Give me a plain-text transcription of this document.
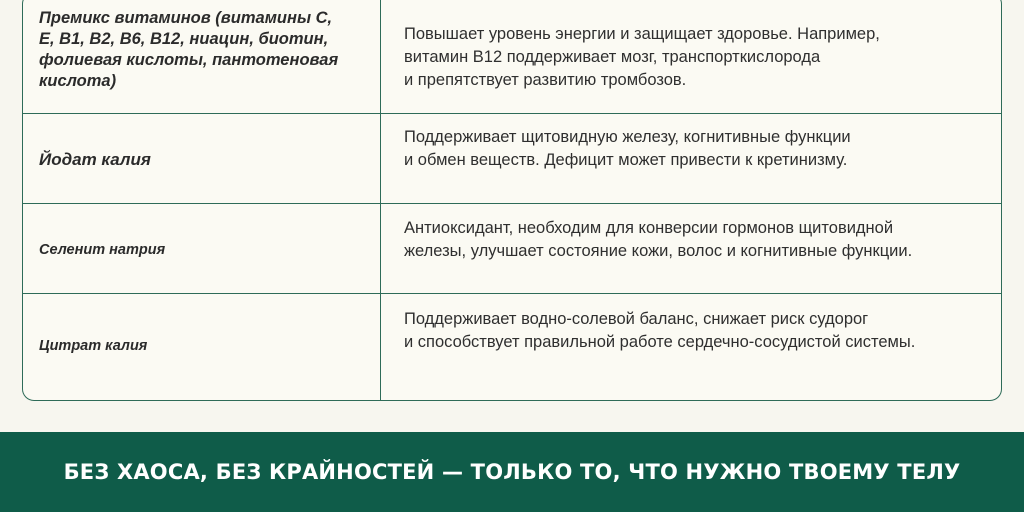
Премикс витаминов (витамины С,
Е, В1, В2, В6, В12, ниацин, биотин,
фолиевая кислоты, пантотеновая
кислота)
Повышает уровень энергии и защищает здоровье. Например,
витамин В12 поддерживает мозг, транспорткислорода
и препятствует развитию тромбозов.
Йодат калия
Поддерживает щитовидную железу, когнитивные функции
и обмен веществ. Дефицит может привести к кретинизму.
Селенит натрия
Антиоксидант, необходим для конверсии гормонов щитовидной
железы, улучшает состояние кожи, волос и когнитивные функции.
Цитрат калия
Поддерживает водно-солевой баланс, снижает риск судорог
и способствует правильной работе сердечно-сосудистой системы.
БЕЗ ХАОСА, БЕЗ КРАЙНОСТЕЙ — ТОЛЬКО ТО, ЧТО НУЖНО ТВОЕМУ ТЕЛУ
